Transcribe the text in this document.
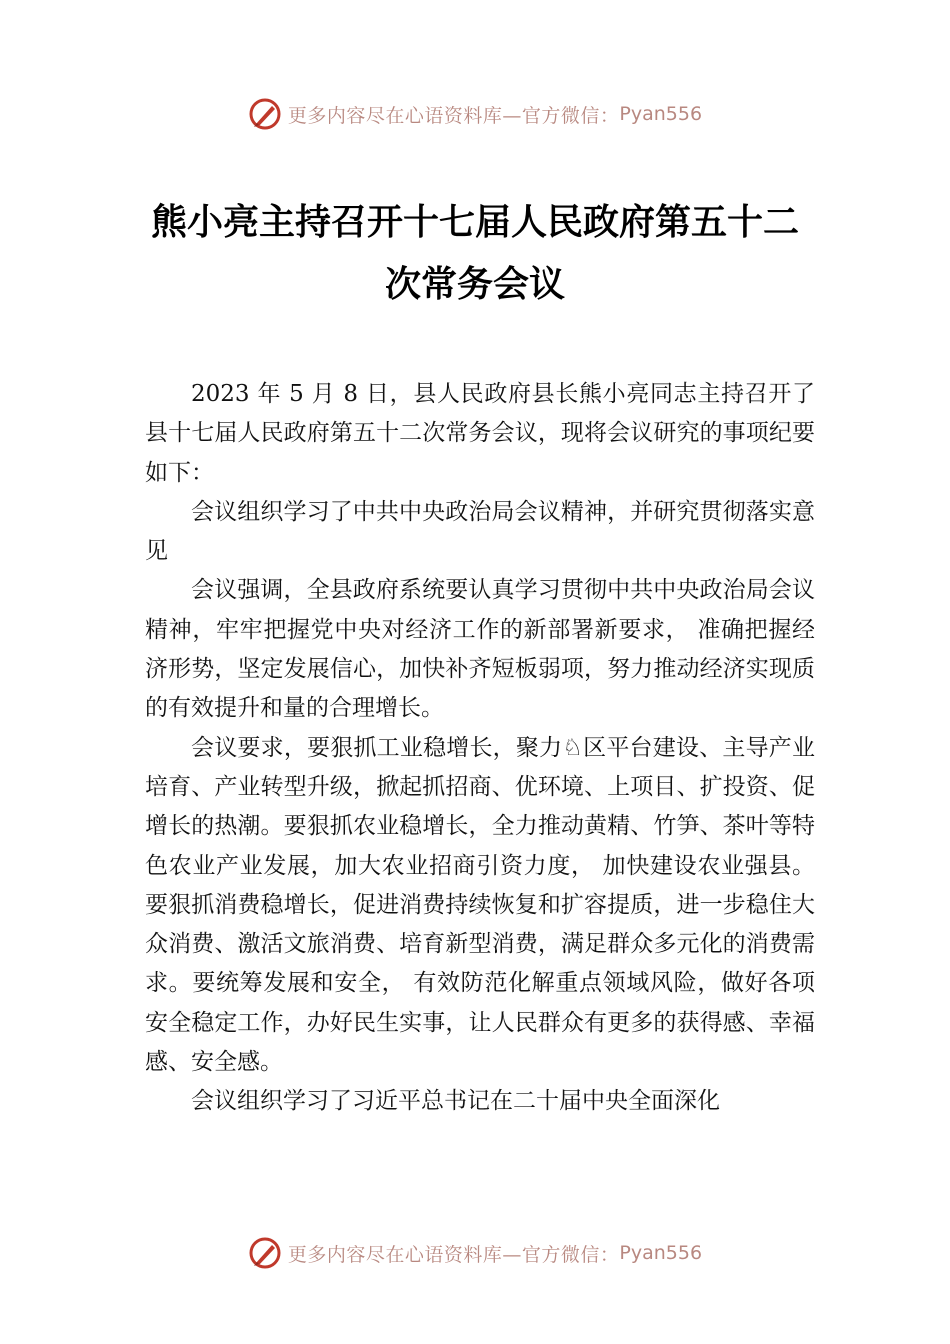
更多内容尽在心语资料库—官方微信： Pyan556
熊小亮主持召开十七届人民政府第五十二次常务会议

2023 年 5 月 8 日，县人民政府县长熊小亮同志主持召开了县十七届人民政府第五十二次常务会议，现将会议研究的事项纪要如下：

会议组织学习了中共中央政治局会议精神，并研究贯彻落实意见

会议强调，全县政府系统要认真学习贯彻中共中央政治局会议精神，牢牢把握党中央对经济工作的新部署新要求， 准确把握经济形势，坚定发展信心，加快补齐短板弱项，努力推动经济实现质的有效提升和量的合理增长。

会议要求，要狠抓工业稳增长，聚力♘区平台建设、主导产业培育、产业转型升级，掀起抓招商、优环境、上项目、扩投资、促增长的热潮。要狠抓农业稳增长，全力推动黄精、竹笋、茶叶等特色农业产业发展，加大农业招商引资力度， 加快建设农业强县。要狠抓消费稳增长，促进消费持续恢复和扩容提质，进一步稳住大众消费、激活文旅消费、培育新型消费，满足群众多元化的消费需求。要统筹发展和安全， 有效防范化解重点领域风险，做好各项安全稳定工作，办好民生实事，让人民群众有更多的获得感、幸福感、安全感。

会议组织学习了习近平总书记在二十届中央全面深化

更多内容尽在心语资料库—官方微信： Pyan556
